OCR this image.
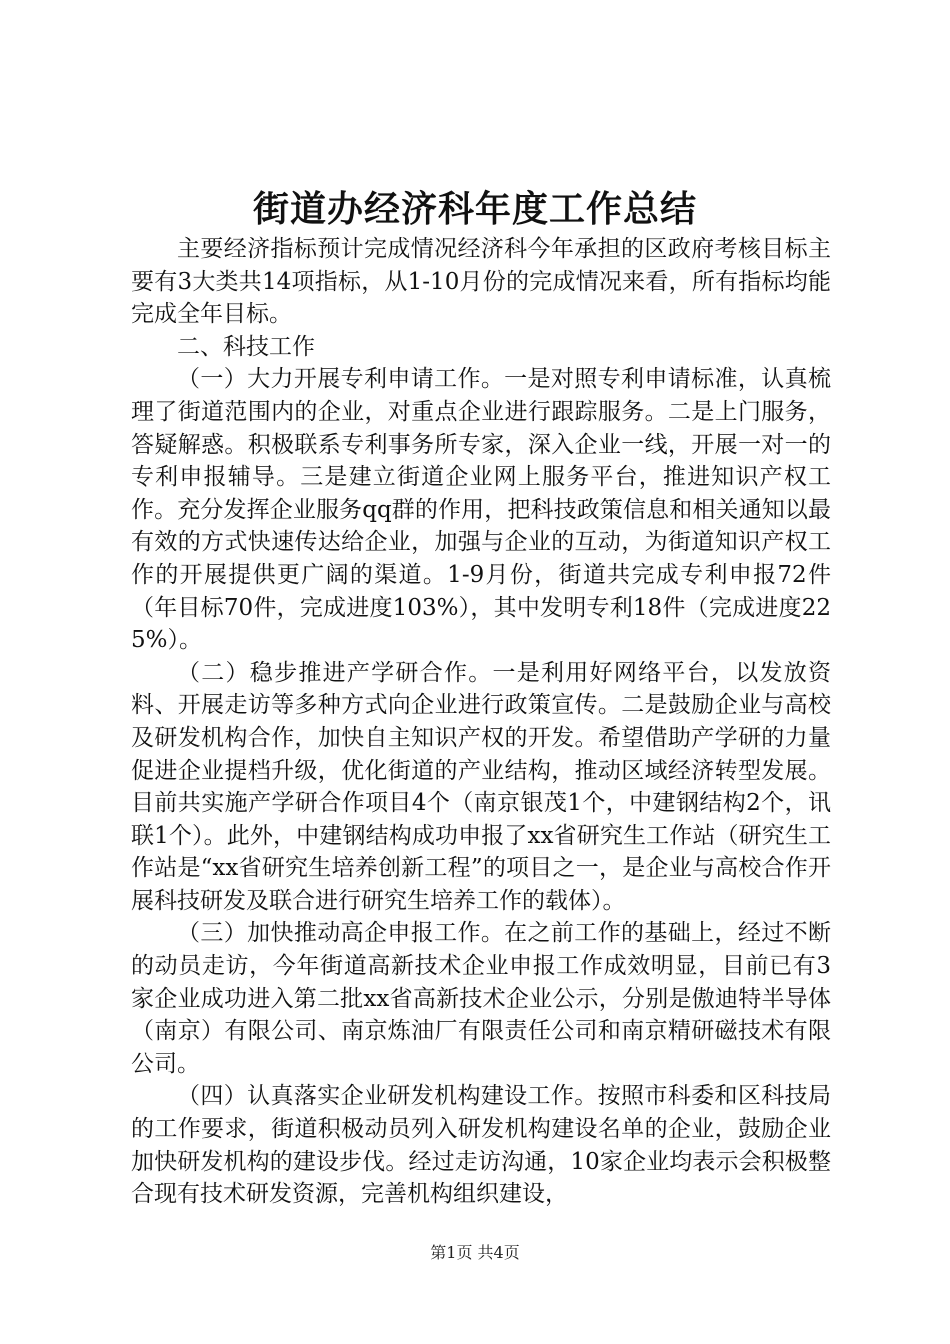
街道办经济科年度工作总结

主要经济指标预计完成情况经济科今年承担的区政府考核目标主要有3大类共14项指标，从1-10月份的完成情况来看，所有指标均能完成全年目标。

二、科技工作

（一）大力开展专利申请工作。一是对照专利申请标准，认真梳理了街道范围内的企业，对重点企业进行跟踪服务。二是上门服务，答疑解惑。积极联系专利事务所专家，深入企业一线，开展一对一的专利申报辅导。三是建立街道企业网上服务平台，推进知识产权工作。充分发挥企业服务qq群的作用，把科技政策信息和相关通知以最有效的方式快速传达给企业，加强与企业的互动，为街道知识产权工作的开展提供更广阔的渠道。1-9月份，街道共完成专利申报72件（年目标70件，完成进度103%），其中发明专利18件（完成进度225%）。

（二）稳步推进产学研合作。一是利用好网络平台，以发放资料、开展走访等多种方式向企业进行政策宣传。二是鼓励企业与高校及研发机构合作，加快自主知识产权的开发。希望借助产学研的力量促进企业提档升级，优化街道的产业结构，推动区域经济转型发展。目前共实施产学研合作项目4个（南京银茂1个，中建钢结构2个，讯联1个）。此外，中建钢结构成功申报了xx省研究生工作站（研究生工作站是“xx省研究生培养创新工程”的项目之一，是企业与高校合作开展科技研发及联合进行研究生培养工作的载体）。

（三）加快推动高企申报工作。在之前工作的基础上，经过不断的动员走访，今年街道高新技术企业申报工作成效明显，目前已有3家企业成功进入第二批xx省高新技术企业公示，分别是傲迪特半导体（南京）有限公司、南京炼油厂有限责任公司和南京精研磁技术有限公司。

（四）认真落实企业研发机构建设工作。按照市科委和区科技局的工作要求，街道积极动员列入研发机构建设名单的企业，鼓励企业加快研发机构的建设步伐。经过走访沟通，10家企业均表示会积极整合现有技术研发资源，完善机构组织建设，

第1页 共4页
